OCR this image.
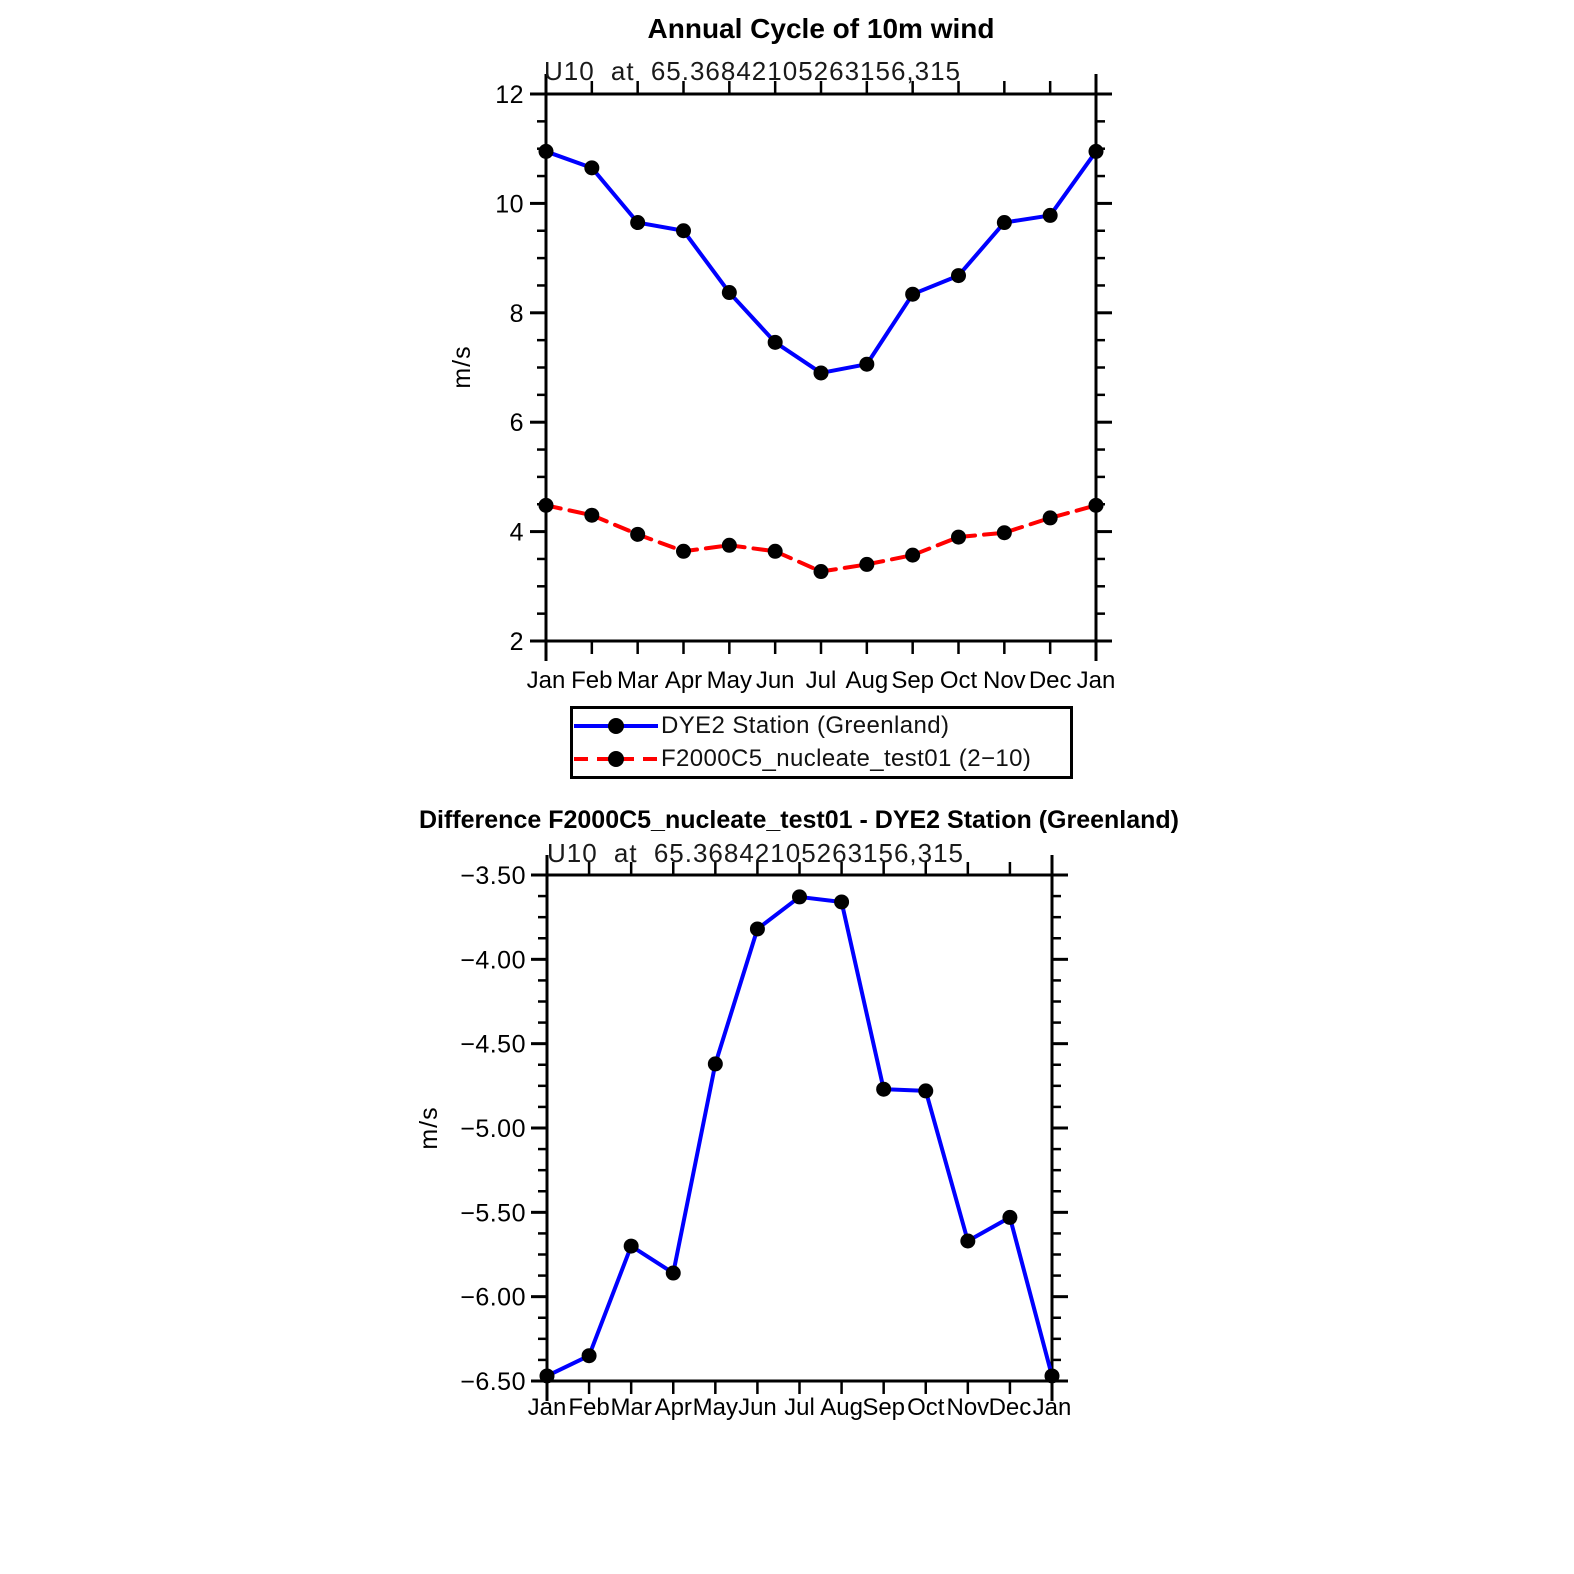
2
4
6
8
10
12
Jan Feb Mar Apr May Jun Jul Aug Sep Oct Nov Dec Jan
−6.50
−6.00
−5.50
−5.00
−4.50
−4.00
−3.50
Jan Feb Mar Apr May Jun Jul Aug Sep Oct Nov Dec Jan
Annual Cycle of 10m wind
U10 at 65.36842105263156,315
m/s
Difference F2000C5_nucleate_test01 - DYE2 Station (Greenland)
U10 at 65.36842105263156,315
m/s
DYE2 Station (Greenland)
F2000C5_nucleate_test01 (2−10)
